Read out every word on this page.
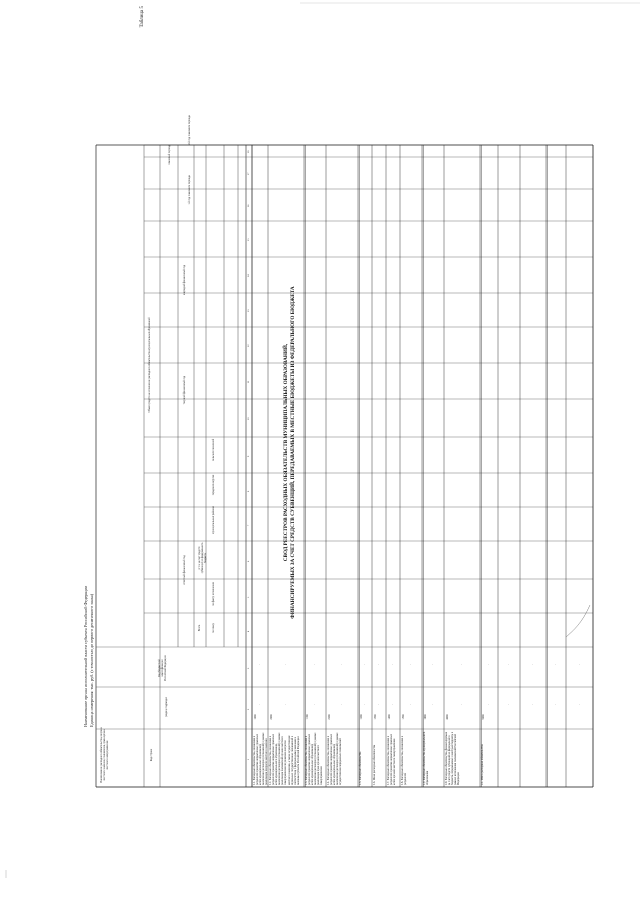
Таблица 5
СВОД РЕЕСТРОВ РАСХОДНЫХ ОБЯЗАТЕЛЬСТВ МУНИЦИПАЛЬНЫХ ОБРАЗОВАНИЙ, ФИНАНСИРУЕМЫХ ЗА СЧЕТ СРЕДСТВ СУБВЕНЦИЙ, ПЕРЕДАВАЕМЫХ В МЕСТНЫЕ БЮДЖЕТЫ ИЗ ФЕДЕРАЛЬНОГО БЮДЖЕТА
Наименование органа исполнительной власти субъекта Российской Федерации Единица измерения: тыс. руб. (с точностью до первого десятичного знака)
Наименование расходного обязательства, вопроса местного значения, полномочия, права органа местного самоуправления	Код строки
Код бюджетной классификации Российской Федерации
раздел, подраздел
Объем средств на исполнение расходного обязательства муниципальных образований
отчетный финансовый год
текущий финансовый год
очередной финансовый год
плановый период
Всего	по плану
по факту исполнения
в т.ч. за счет средств субвенций из федерального бюджета
муниципальных районов
городских округов
сельских поселений
1-й год планового периода
2-й год планового периода
1.1. Расходные обязательства, возникшие в результате принятия нормативных правовых актов муниципальных образований, заключения договоров (соглашений) в рамках реализации вопросов местного значения
1000
1.2. Расходные обязательства, возникшие в результате принятия нормативных правовых актов муниципального образования, заключения договоров (соглашений) в рамках реализации полномочий органов местного самоуправления по решению вопросов местного значения, а также осуществление отдельных государственных полномочий в соответствии с федеральными законами и законами субъекта Российской Федерации
2000
1.3. Расходные обязательства, возникшие в результате принятия нормативных правовых актов муниципальных образований, заключения договоров (соглашений) в рамках реализации прав органов местного самоуправления
1100
1.4. Расходные обязательства, возникшие в результате принятия нормативных правовых актов муниципальных образований, заключения договоров (соглашений) в рамках осуществления переданных полномочий
2200
1.5. Расходные обязательства
1200
1.6. Иные расходные обязательства
1300
1.7. Расходные обязательства, возникшие в результате принятия нормативных правовых актов органов местного самоуправления
1400
1.8. Расходные обязательства, возникшие в результате
1500
1.9. Расходные обязательства муниципального образования
1600
2.0. Расходные обязательства, финансируемые за счет средств субвенций из федерального бюджета, передаваемых в местные бюджеты в рамках исполнения полномочий Российской Федерации
4000
2.1. Итого расходные обязательства
5000
1
2
3
4
5
6
7
8
9
10
11
12
13
14
15
16
17
18
-
-
-
-
-
-
-
-
-
-
-
-
-
-
-
-
-
-
-
-
-
-
-
-
-
-
-
-
-
-
